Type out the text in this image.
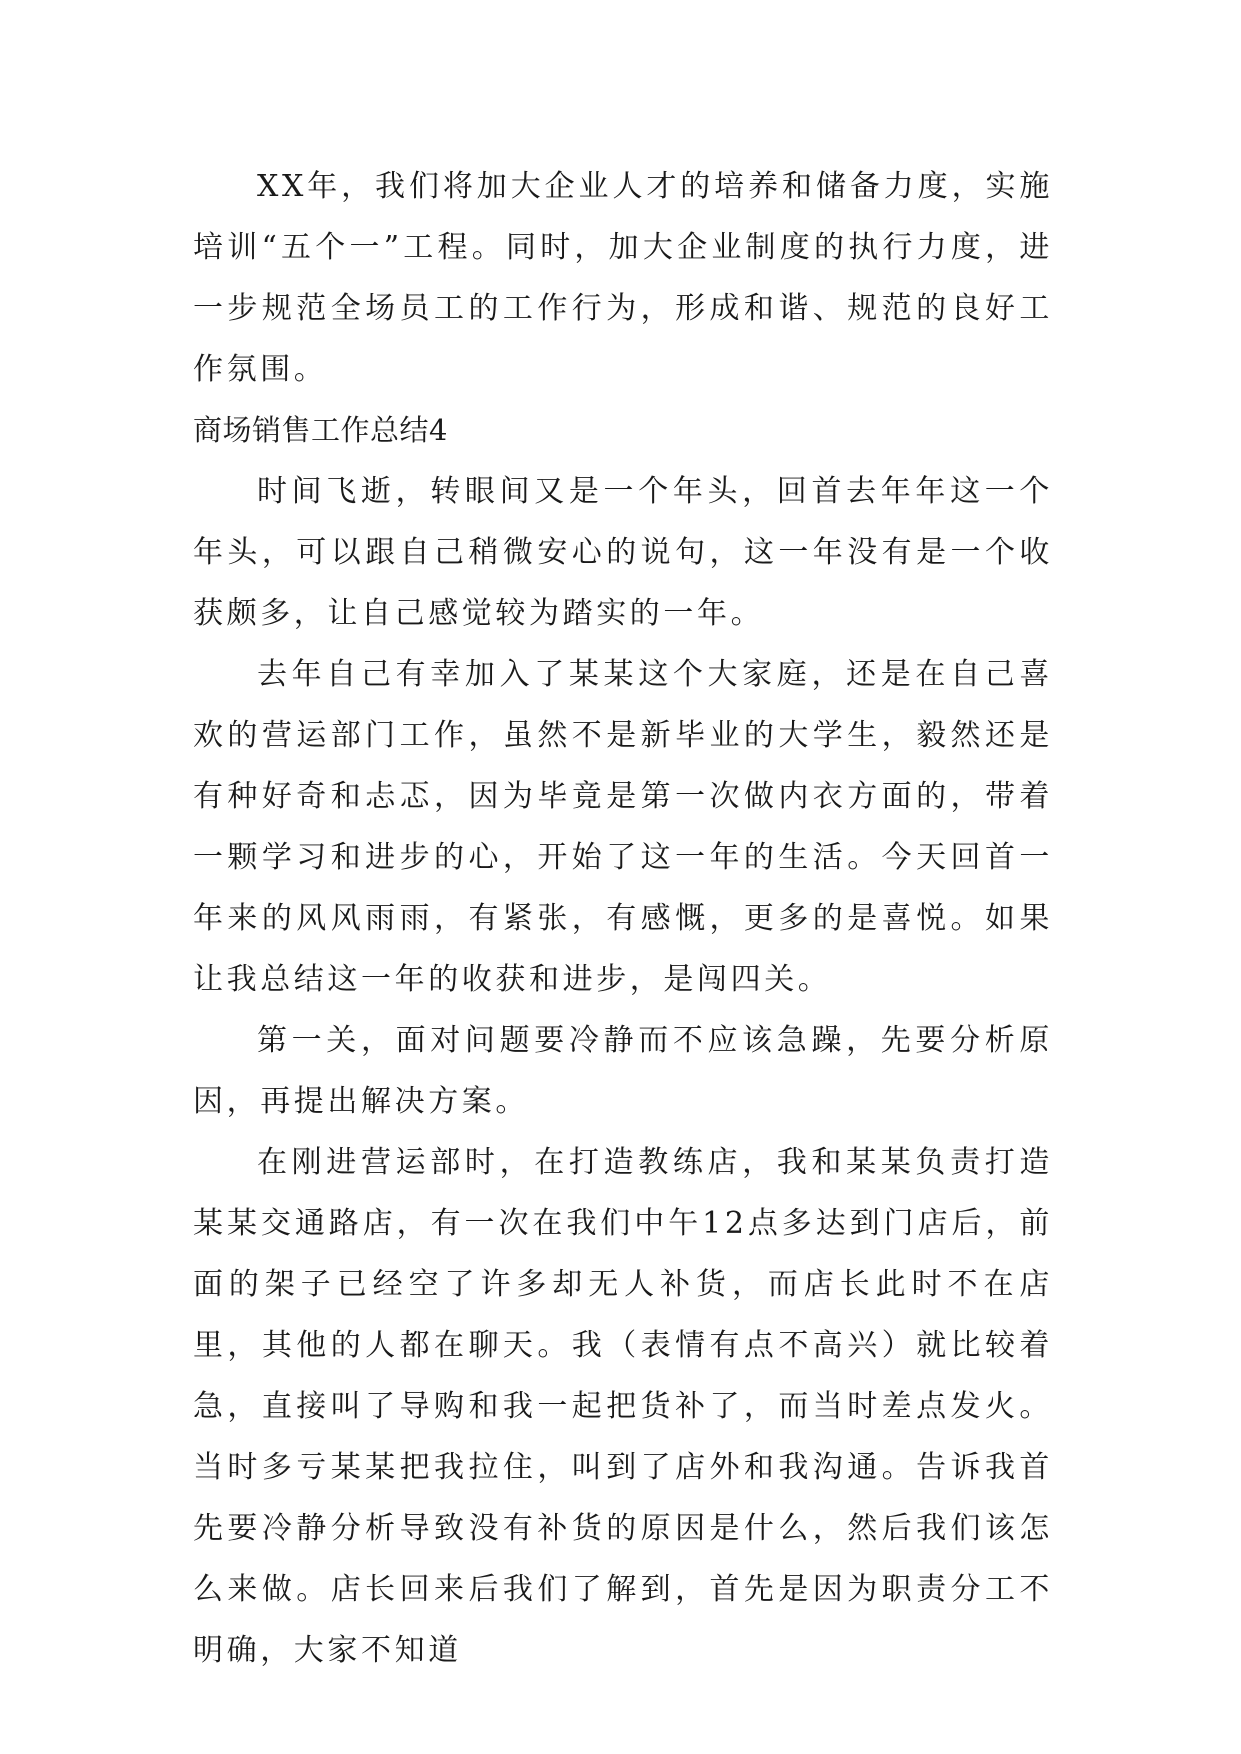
XX年，我们将加大企业人才的培养和储备力度，实施培训“五个一”工程。同时，加大企业制度的执行力度，进一步规范全场员工的工作行为，形成和谐、规范的良好工作氛围。

商场销售工作总结4

时间飞逝，转眼间又是一个年头，回首去年年这一个年头，可以跟自己稍微安心的说句，这一年没有是一个收获颇多，让自己感觉较为踏实的一年。

去年自己有幸加入了某某这个大家庭，还是在自己喜欢的营运部门工作，虽然不是新毕业的大学生，毅然还是有种好奇和忐忑，因为毕竟是第一次做内衣方面的，带着一颗学习和进步的心，开始了这一年的生活。今天回首一年来的风风雨雨，有紧张，有感慨，更多的是喜悦。如果让我总结这一年的收获和进步，是闯四关。

第一关，面对问题要冷静而不应该急躁，先要分析原因，再提出解决方案。

在刚进营运部时，在打造教练店，我和某某负责打造某某交通路店，有一次在我们中午12点多达到门店后，前面的架子已经空了许多却无人补货，而店长此时不在店里，其他的人都在聊天。我（表情有点不高兴）就比较着急，直接叫了导购和我一起把货补了，而当时差点发火。当时多亏某某把我拉住，叫到了店外和我沟通。告诉我首先要冷静分析导致没有补货的原因是什么，然后我们该怎么来做。店长回来后我们了解到，首先是因为职责分工不明确，大家不知道
